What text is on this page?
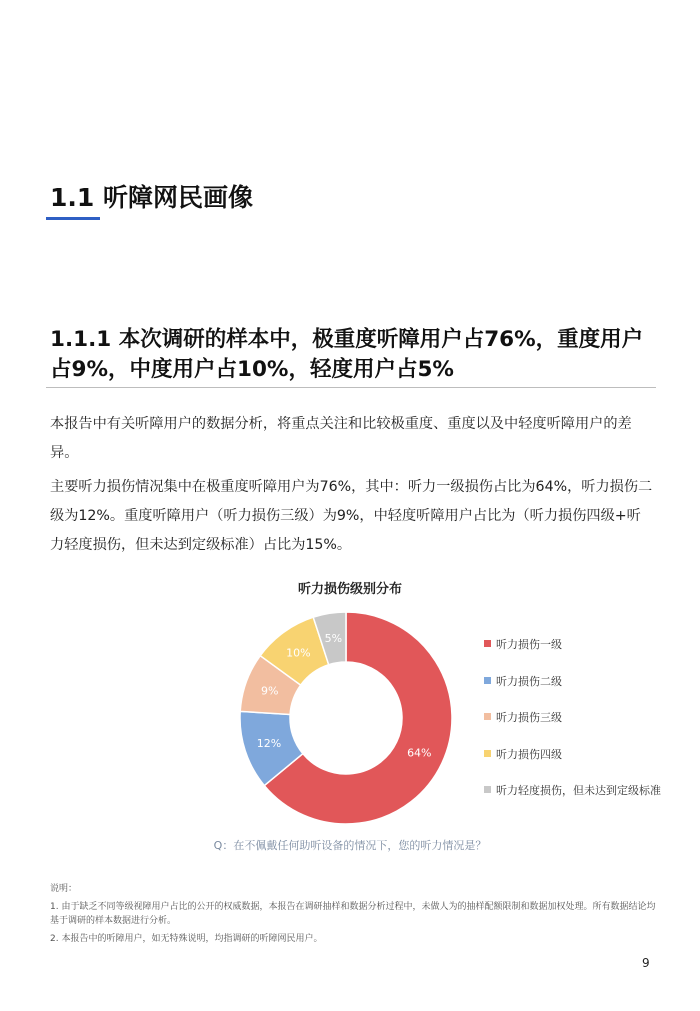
1.1 听障网民画像
1.1.1 本次调研的样本中，极重度听障用户占76%，重度用户占9%，中度用户占10%，轻度用户占5%

本报告中有关听障用户的数据分析，将重点关注和比较极重度、重度以及中轻度听障用户的差异。

主要听力损伤情况集中在极重度听障用户为76%，其中：听力一级损伤占比为64%，听力损伤二级为12%。重度听障用户（听力损伤三级）为9%，中轻度听障用户占比为（听力损伤四级+听力轻度损伤，但未达到定级标准）占比为15%。

听力损伤级别分布
64%
12%
9%
10%
5%	听力损伤一级
听力损伤二级
听力损伤三级
听力损伤四级
听力轻度损伤，但未达到定级标准
Q：在不佩戴任何助听设备的情况下，您的听力情况是？

说明：

1. 由于缺乏不同等级视障用户占比的公开的权威数据，本报告在调研抽样和数据分析过程中，未做人为的抽样配额限制和数据加权处理。所有数据结论均基于调研的样本数据进行分析。

2. 本报告中的听障用户，如无特殊说明，均指调研的听障网民用户。

9
